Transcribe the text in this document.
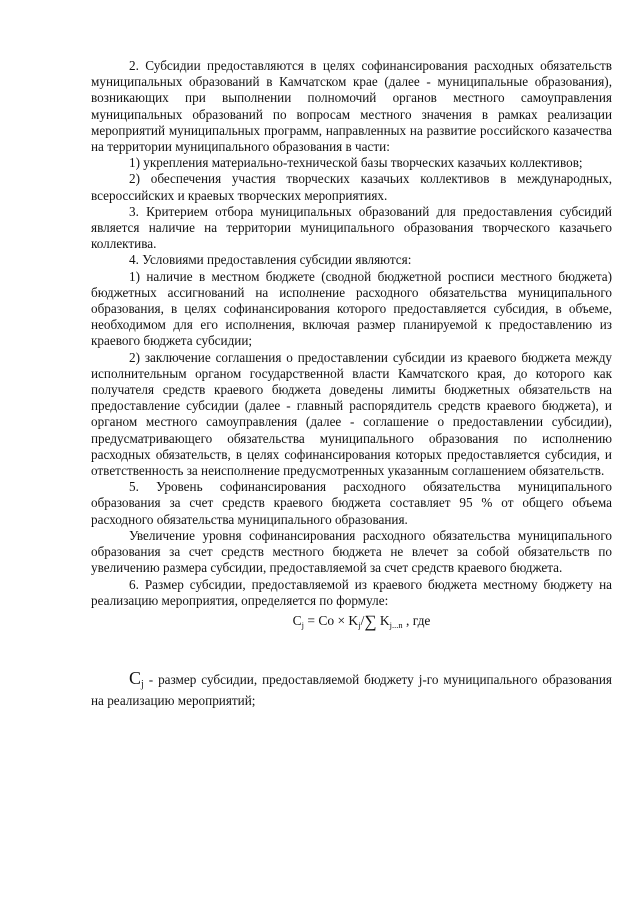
2. Субсидии предоставляются в целях софинансирования расходных обязательств муниципальных образований в Камчатском крае (далее - муниципальные образования), возникающих при выполнении полномочий органов местного самоуправления муниципальных образований по вопросам местного значения в рамках реализации мероприятий муниципальных программ, направленных на развитие российского казачества на территории муниципального образования в части:

1) укрепления материально-технической базы творческих казачьих коллективов;

2) обеспечения участия творческих казачьих коллективов в международных, всероссийских и краевых творческих мероприятиях.

3. Критерием отбора муниципальных образований для предоставления субсидий является наличие на территории муниципального образования творческого казачьего коллектива.

4. Условиями предоставления субсидии являются:

1) наличие в местном бюджете (сводной бюджетной росписи местного бюджета) бюджетных ассигнований на исполнение расходного обязательства муниципального образования, в целях софинансирования которого предоставляется субсидия, в объеме, необходимом для его исполнения, включая размер планируемой к предоставлению из краевого бюджета субсидии;

2) заключение соглашения о предоставлении субсидии из краевого бюджета между исполнительным органом государственной власти Камчатского края, до которого как получателя средств краевого бюджета доведены лимиты бюджетных обязательств на предоставление субсидии (далее - главный распорядитель средств краевого бюджета), и органом местного самоуправления (далее - соглашение о предоставлении субсидии), предусматривающего обязательства муниципального образования по исполнению расходных обязательств, в целях софинансирования которых предоставляется субсидия, и ответственность за неисполнение предусмотренных указанным соглашением обязательств.

5. Уровень софинансирования расходного обязательства муниципального образования за счет средств краевого бюджета составляет 95 % от общего объема расходного обязательства муниципального образования.

Увеличение уровня софинансирования расходного обязательства муниципального образования за счет средств местного бюджета не влечет за собой обязательств по увеличению размера субсидии, предоставляемой за счет средств краевого бюджета.

6. Размер субсидии, предоставляемой из краевого бюджета местному бюджету на реализацию мероприятия, определяется по формуле:

$C_j = Co \times K_j/\sum$ $K_{j...n}$ , где

$C_j$ - размер субсидии, предоставляемой бюджету j-го муниципального образования на реализацию мероприятий;
